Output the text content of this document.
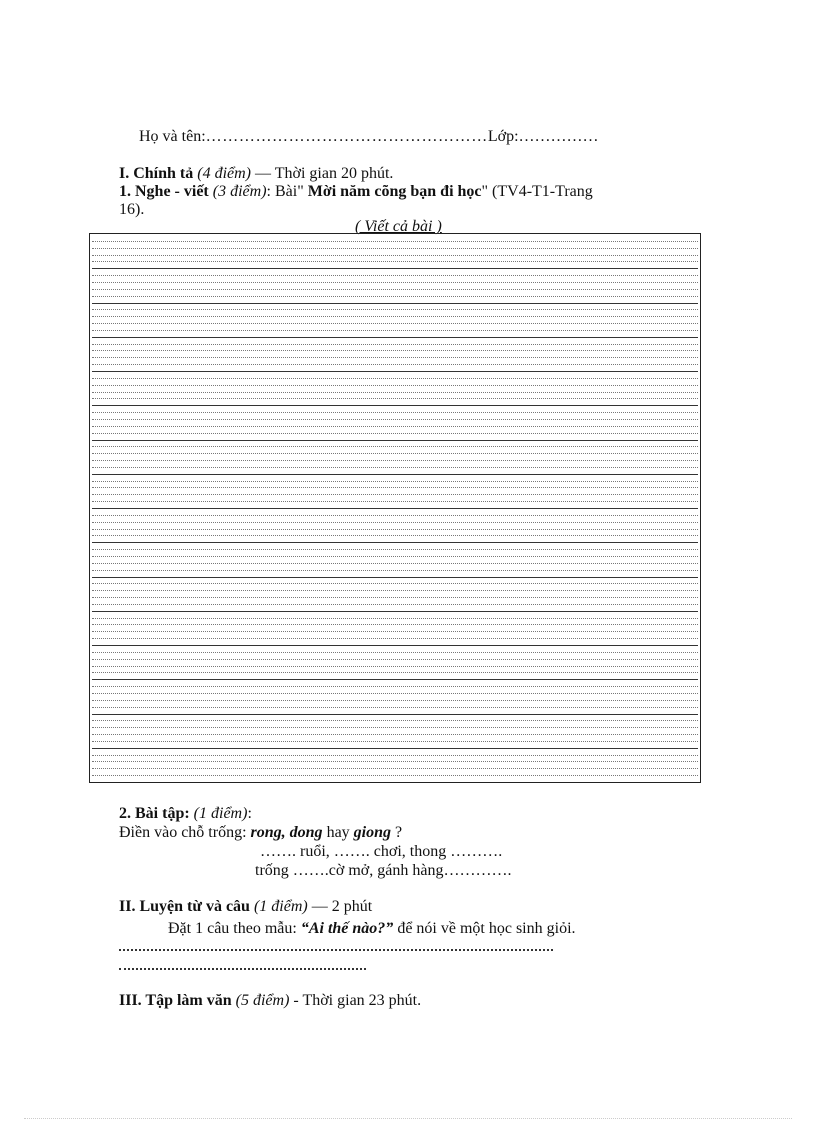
Họ và tên:……………………………………………Lớp:……………
I. Chính tả (4 điểm) — Thời gian 20 phút.
1. Nghe - viết (3 điểm): Bài" Mời năm cõng bạn đi học" (TV4-T1-Trang
16).
( Viết cả bài )
2. Bài tập: (1 điểm):
Điền vào chỗ trống: rong, dong hay giong ?
……. ruổi, ……. chơi, thong ……….
trống …….cờ mở, gánh hàng………….
II. Luyện từ và câu (1 điểm) — 2 phút
Đặt 1 câu theo mẫu: “Ai thế nào?” để nói về một học sinh giỏi.
III. Tập làm văn (5 điểm) - Thời gian 23 phút.
